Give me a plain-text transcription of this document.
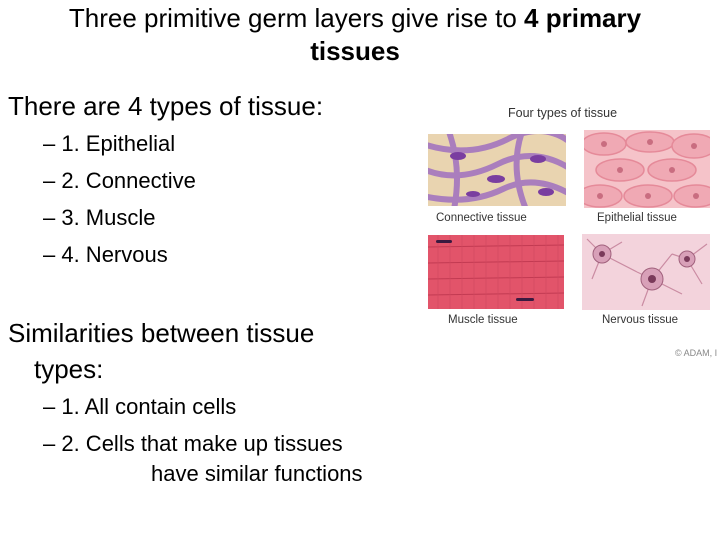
Three primitive germ layers give rise to 4 primary
tissues
There are 4 types of tissue:
– 1. Epithelial
– 2. Connective
– 3. Muscle
– 4. Nervous
Similarities between tissue
types:
– 1. All contain cells
– 2. Cells that make up tissues
have similar functions
Four types of tissue
Connective tissue	Epithelial tissue
Muscle tissue	Nervous tissue
© ADAM, I
